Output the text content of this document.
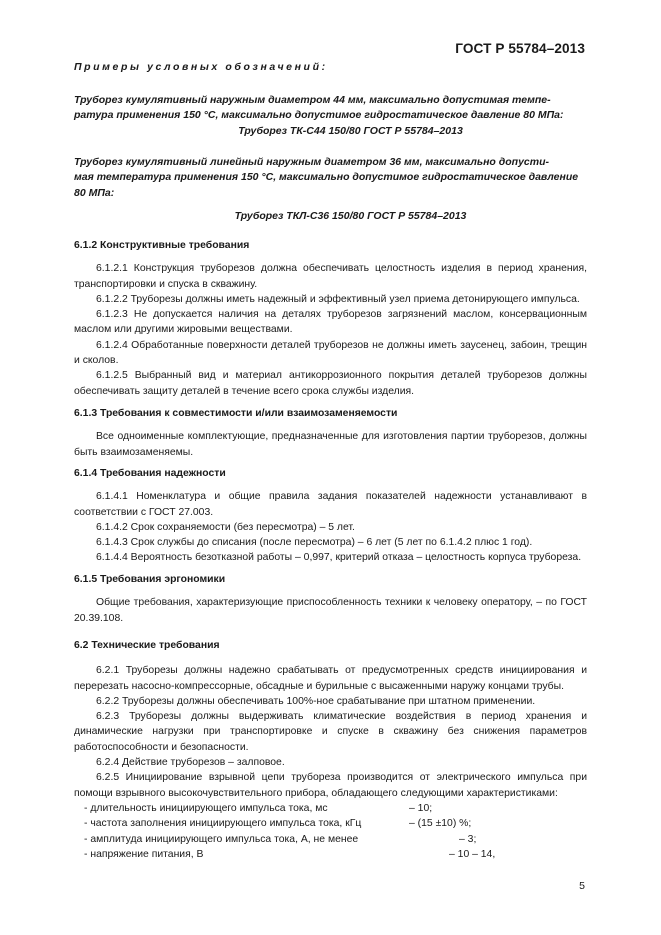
ГОСТ Р 55784–2013
Примеры условных обозначений:
Труборез кумулятивный наружным диаметром 44 мм, максимально допустимая темпе-
ратура применения 150 °С, максимально допустимое гидростатическое давление 80 МПа:
Труборез ТК-С44 150/80 ГОСТ Р 55784–2013
Труборез кумулятивный линейный наружным диаметром 36 мм, максимально допусти-
мая температура применения 150 °С, максимально допустимое гидростатическое давление
80 МПа:
Труборез ТКЛ-С36 150/80 ГОСТ Р 55784–2013
6.1.2 Конструктивные требования
6.1.2.1 Конструкция труборезов должна обеспечивать целостность изделия в период хранения, транспортировки и спуска в скважину.
6.1.2.2 Труборезы должны иметь надежный и эффективный узел приема детонирующего импульса.
6.1.2.3 Не допускается наличия на деталях труборезов загрязнений маслом, консервационным маслом или другими жировыми веществами.
6.1.2.4 Обработанные поверхности деталей труборезов не должны иметь заусенец, забоин, трещин и сколов.
6.1.2.5 Выбранный вид и материал антикоррозионного покрытия деталей труборезов должны обеспечивать защиту деталей в течение всего срока службы изделия.
6.1.3 Требования к совместимости и/или взаимозаменяемости
Все одноименные комплектующие, предназначенные для изготовления партии труборезов, должны быть взаимозаменяемы.
6.1.4 Требования надежности
6.1.4.1 Номенклатура и общие правила задания показателей надежности устанавливают в соответствии с ГОСТ 27.003.
6.1.4.2 Срок сохраняемости (без пересмотра) – 5 лет.
6.1.4.3 Срок службы до списания (после пересмотра) – 6 лет (5 лет по 6.1.4.2 плюс 1 год).
6.1.4.4 Вероятность безотказной работы – 0,997, критерий отказа – целостность корпуса трубореза.
6.1.5 Требования эргономики
Общие требования, характеризующие приспособленность техники к человеку оператору, – по ГОСТ 20.39.108.
6.2 Технические требования
6.2.1 Труборезы должны надежно срабатывать от предусмотренных средств инициирования и перерезать насосно-компрессорные, обсадные и бурильные с высаженными наружу концами трубы.
6.2.2 Труборезы должны обеспечивать 100%-ное срабатывание при штатном применении.
6.2.3 Труборезы должны выдерживать климатические воздействия в период хранения и динамические нагрузки при транспортировке и спуске в скважину без снижения параметров работоспособности и безопасности.
6.2.4 Действие труборезов – залповое.
6.2.5 Инициирование взрывной цепи трубореза производится от электрического импульса при помощи взрывного высокочувствительного прибора, обладающего следующими характеристиками:
- длительность инициирующего импульса тока, мс	– 10;
- частота заполнения инициирующего импульса тока, кГц	– (15 ±10) %;
- амплитуда инициирующего импульса тока, А, не менее	– 3;
- напряжение питания, В	– 10 – 14,
5
